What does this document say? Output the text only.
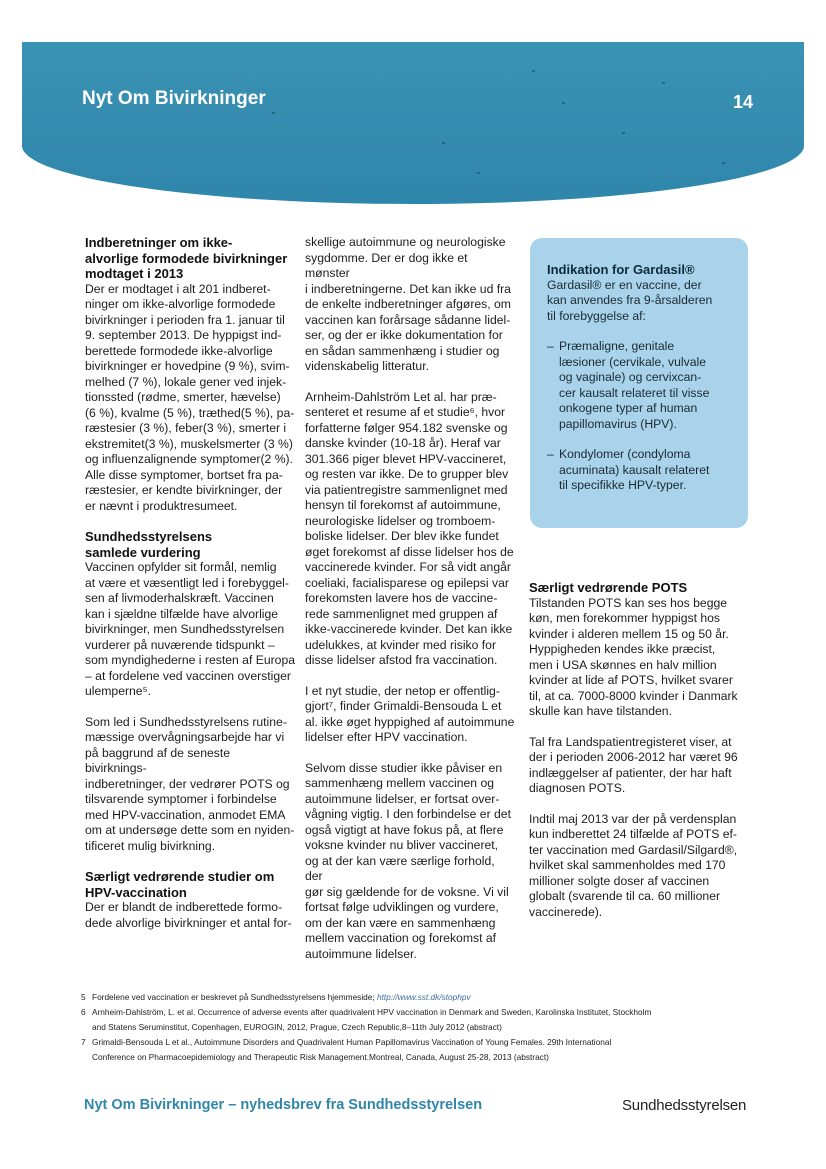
Nyt Om Bivirkninger	14
Indberetninger om ikke-
alvorlige formodede bivirkninger
modtaget i 2013

Der er modtaget i alt 201 indberet-
ninger om ikke-alvorlige formodede
bivirkninger i perioden fra 1. januar til
9. september 2013. De hyppigst ind-
berettede formodede ikke-alvorlige
bivirkninger er hovedpine (9 %), svim-
melhed (7 %), lokale gener ved injek-
tionssted (rødme, smerter, hævelse)
(6 %), kvalme (5 %), træthed(5 %), pa-
ræstesier (3 %), feber(3 %), smerter i
ekstremitet(3 %), muskelsmerter (3 %)
og influenzalignende symptomer(2 %).
Alle disse symptomer, bortset fra pa-
ræstesier, er kendte bivirkninger, der
er nævnt i produktresumeet.

Sundhedsstyrelsens
samlede vurdering

Vaccinen opfylder sit formål, nemlig
at være et væsentligt led i forebyggel-
sen af livmoderhalskræft. Vaccinen
kan i sjældne tilfælde have alvorlige
bivirkninger, men Sundhedsstyrelsen
vurderer på nuværende tidspunkt –
som myndighederne i resten af Europa
– at fordelene ved vaccinen overstiger
ulemperne⁵.

Som led i Sundhedsstyrelsens rutine-
mæssige overvågningsarbejde har vi
på baggrund af de seneste bivirknings-
indberetninger, der vedrører POTS og
tilsvarende symptomer i forbindelse
med HPV-vaccination, anmodet EMA
om at undersøge dette som en nyiden-
tificeret mulig bivirkning.

Særligt vedrørende studier om
HPV-vaccination

Der er blandt de indberettede formo-
dede alvorlige bivirkninger et antal for-

skellige autoimmune og neurologiske
sygdomme. Der er dog ikke et mønster
i indberetningerne. Det kan ikke ud fra
de enkelte indberetninger afgøres, om
vaccinen kan forårsage sådanne lidel-
ser, og der er ikke dokumentation for
en sådan sammenhæng i studier og
videnskabelig litteratur.

Arnheim-Dahlström Let al. har præ-
senteret et resume af et studie⁶, hvor
forfatterne følger 954.182 svenske og
danske kvinder (10-18 år). Heraf var
301.366 piger blevet HPV-vaccineret,
og resten var ikke. De to grupper blev
via patientregistre sammenlignet med
hensyn til forekomst af autoimmune,
neurologiske lidelser og tromboem-
boliske lidelser. Der blev ikke fundet
øget forekomst af disse lidelser hos de
vaccinerede kvinder. For så vidt angår
coeliaki, facialisparese og epilepsi var
forekomsten lavere hos de vaccine-
rede sammenlignet med gruppen af
ikke-vaccinerede kvinder. Det kan ikke
udelukkes, at kvinder med risiko for
disse lidelser afstod fra vaccination.

I et nyt studie, der netop er offentlig-
gjort⁷, finder Grimaldi-Bensouda L et
al. ikke øget hyppighed af autoimmune
lidelser efter HPV vaccination.

Selvom disse studier ikke påviser en
sammenhæng mellem vaccinen og
autoimmune lidelser, er fortsat over-
vågning vigtig. I den forbindelse er det
også vigtigt at have fokus på, at flere
voksne kvinder nu bliver vaccineret,
og at der kan være særlige forhold, der
gør sig gældende for de voksne. Vi vil
fortsat følge udviklingen og vurdere,
om der kan være en sammenhæng
mellem vaccination og forekomst af
autoimmune lidelser.

Indikation for Gardasil®
Gardasil® er en vaccine, der
kan anvendes fra 9-årsalderen
til forebyggelse af:
– Præmaligne, genitale
læsioner (cervikale, vulvale
og vaginale) og cervixcan-
cer kausalt relateret til visse
onkogene typer af human
papillomavirus (HPV).
– Kondylomer (condyloma
acuminata) kausalt relateret
til specifikke HPV-typer.
Særligt vedrørende POTS

Tilstanden POTS kan ses hos begge
køn, men forekommer hyppigst hos
kvinder i alderen mellem 15 og 50 år.
Hyppigheden kendes ikke præcist,
men i USA skønnes en halv million
kvinder at lide af POTS, hvilket svarer
til, at ca. 7000-8000 kvinder i Danmark
skulle kan have tilstanden.

Tal fra Landspatientregisteret viser, at
der i perioden 2006-2012 har været 96
indlæggelser af patienter, der har haft
diagnosen POTS.

Indtil maj 2013 var der på verdensplan
kun indberettet 24 tilfælde af POTS ef-
ter vaccination med Gardasil/Silgard®,
hvilket skal sammenholdes med 170
millioner solgte doser af vaccinen
globalt (svarende til ca. 60 millioner
vaccinerede).

5 Fordelene ved vaccination er beskrevet på Sundhedsstyrelsens hjemmeside; http://www.sst.dk/stophpv
6 Arnheim-Dahlström, L. et al. Occurrence of adverse events after quadrivalent HPV vaccination in Denmark and Sweden, Karolinska Institutet, Stockholm
and Statens Seruminstitut, Copenhagen, EUROGIN, 2012, Prague, Czech Republic,8–11th July 2012 (abstract)
7 Grimaldi-Bensouda L et al., Autoimmune Disorders and Quadrivalent Human Papillomavirus Vaccination of Young Females. 29th International
Conference on Pharmacoepidemiology and Therapeutic Risk Management.Montreal, Canada, August 25-28, 2013 (abstract)
Nyt Om Bivirkninger – nyhedsbrev fra Sundhedsstyrelsen	Sundhedsstyrelsen
